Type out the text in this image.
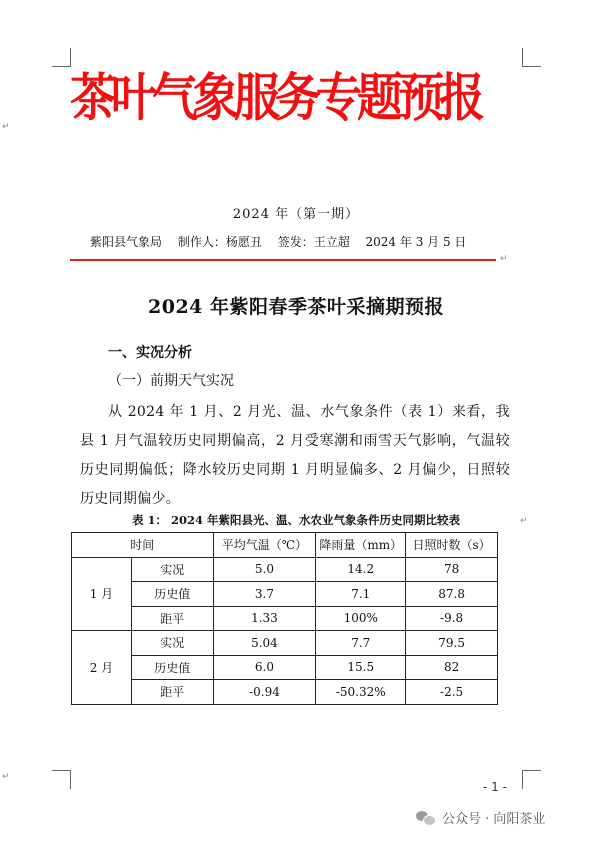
↵
↵
↵
↵
茶叶气象服务专题预报
2024 年（第一期）
紫阳县气象局 制作人：杨愿丑 签发：王立超 2024 年 3 月 5 日
2024 年紫阳春季茶叶采摘期预报
一、实况分析
（一）前期天气实况
从 2024 年 1 月、2 月光、温、水气象条件（表 1）来看，我县 1 月气温较历史同期偏高，2 月受寒潮和雨雪天气影响，气温较历史同期偏低；降水较历史同期 1 月明显偏多、2 月偏少，日照较历史同期偏少。
表 1： 2024 年紫阳县光、温、水农业气象条件历史同期比较表
时间		平均气温（℃）	降雨量（mm）	日照时数（s）
1 月	实况	5.0	14.2	78
	历史值	3.7	7.1	87.8
	距平	1.33	100%	-9.8
2 月	实况	5.04	7.7	79.5
	历史值	6.0	15.5	82
	距平	-0.94	-50.32%	-2.5
- 1 -
公众号 · 向阳茶业
